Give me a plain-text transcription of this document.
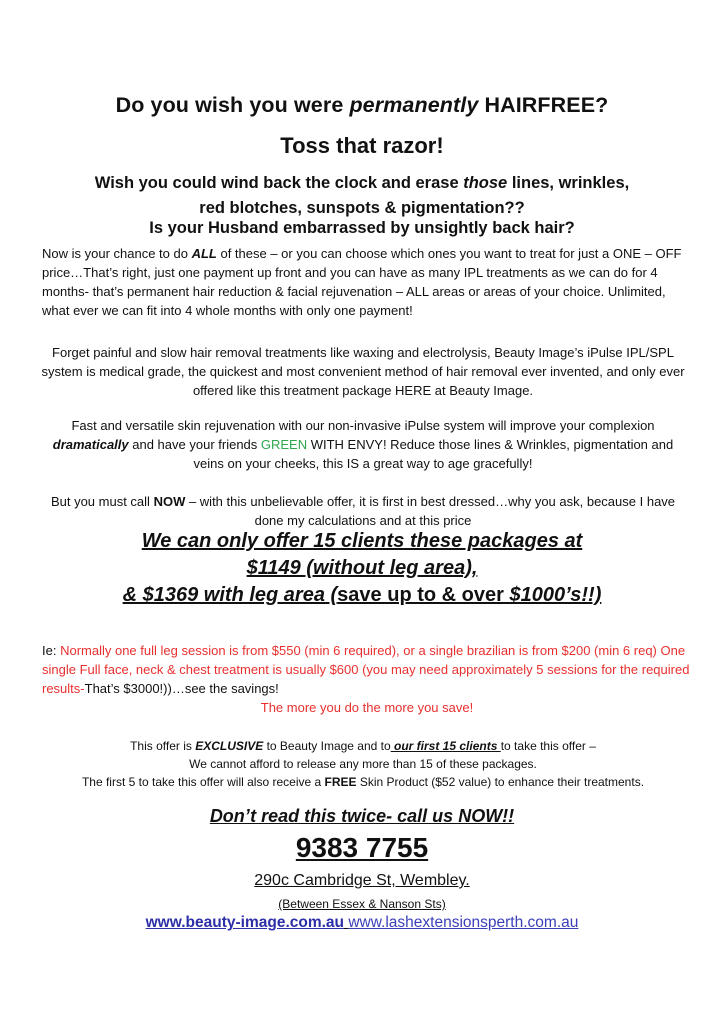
Do you wish you were permanently HAIRFREE?
Toss that razor!
Wish you could wind back the clock and erase those lines, wrinkles,
red blotches, sunspots & pigmentation??
Is your Husband embarrassed by unsightly back hair?
Now is your chance to do ALL of these – or you can choose which ones you want to treat for just a ONE – OFF price…That’s right, just one payment up front and you can have as many IPL treatments as we can do for 4 months- that’s permanent hair reduction & facial rejuvenation – ALL areas or areas of your choice. Unlimited, what ever we can fit into 4 whole months with only one payment!
Forget painful and slow hair removal treatments like waxing and electrolysis, Beauty Image’s iPulse IPL/SPL system is medical grade, the quickest and most convenient method of hair removal ever invented, and only ever offered like this treatment package HERE at Beauty Image.
Fast and versatile skin rejuvenation with our non-invasive iPulse system will improve your complexion dramatically and have your friends GREEN WITH ENVY! Reduce those lines & Wrinkles, pigmentation and veins on your cheeks, this IS a great way to age gracefully!
But you must call NOW – with this unbelievable offer, it is first in best dressed…why you ask, because I have done my calculations and at this price
We can only offer 15 clients these packages at
$1149 (without leg area),
& $1369 with leg area (save up to & over $1000’s!!)
Ie: Normally one full leg session is from $550 (min 6 required), or a single brazilian is from $200 (min 6 req) One single Full face, neck & chest treatment is usually $600 (you may need approximately 5 sessions for the required results-That’s $3000!))…see the savings!
The more you do the more you save!
This offer is EXCLUSIVE to Beauty Image and to our first 15 clients to take this offer –
We cannot afford to release any more than 15 of these packages.
The first 5 to take this offer will also receive a FREE Skin Product ($52 value) to enhance their treatments.
Don’t read this twice- call us NOW!!
9383 7755
290c Cambridge St, Wembley.
(Between Essex & Nanson Sts)
www.beauty-image.com.au www.lashextensionsperth.com.au
